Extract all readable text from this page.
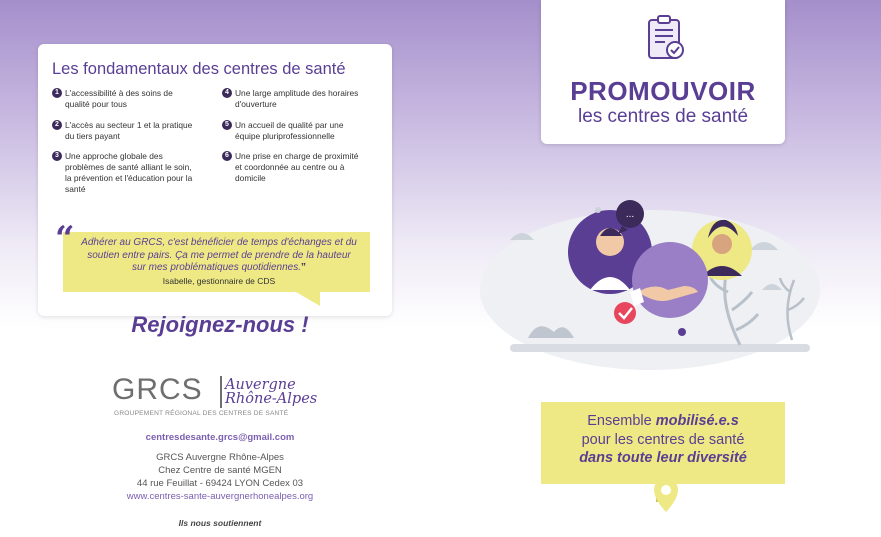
Les fondamentaux des centres de santé
1 L'accessibilité à des soins de qualité pour tous
2 L'accès au secteur 1 et la pratique du tiers payant
3 Une approche globale des problèmes de santé alliant le soin, la prévention et l'éducation pour la santé
4 Une large amplitude des horaires d'ouverture
5 Un accueil de qualité par une équipe pluriprofessionnelle
6 Une prise en charge de proximité et coordonnée au centre ou à domicile
“ Adhérer au GRCS, c'est bénéficier de temps d'échanges et du soutien entre pairs. Ça me permet de prendre de la hauteur sur mes problématiques quotidiennes.”
Isabelle, gestionnaire de CDS
Rejoignez-nous !
GRCS Auvergne
Rhône-Alpes
GROUPEMENT RÉGIONAL DES CENTRES DE SANTÉ
centresdesante.grcs@gmail.com
GRCS Auvergne Rhône-Alpes
Chez Centre de santé MGEN
44 rue Feuillat - 69424 LYON Cedex 03
www.centres-sante-auvergnerhonealpes.org
Ils nous soutiennent
PROMOUVOIR
les centres de santé
...
Ensemble mobilisé.e.s
pour les centres de santé
dans toute leur diversité
